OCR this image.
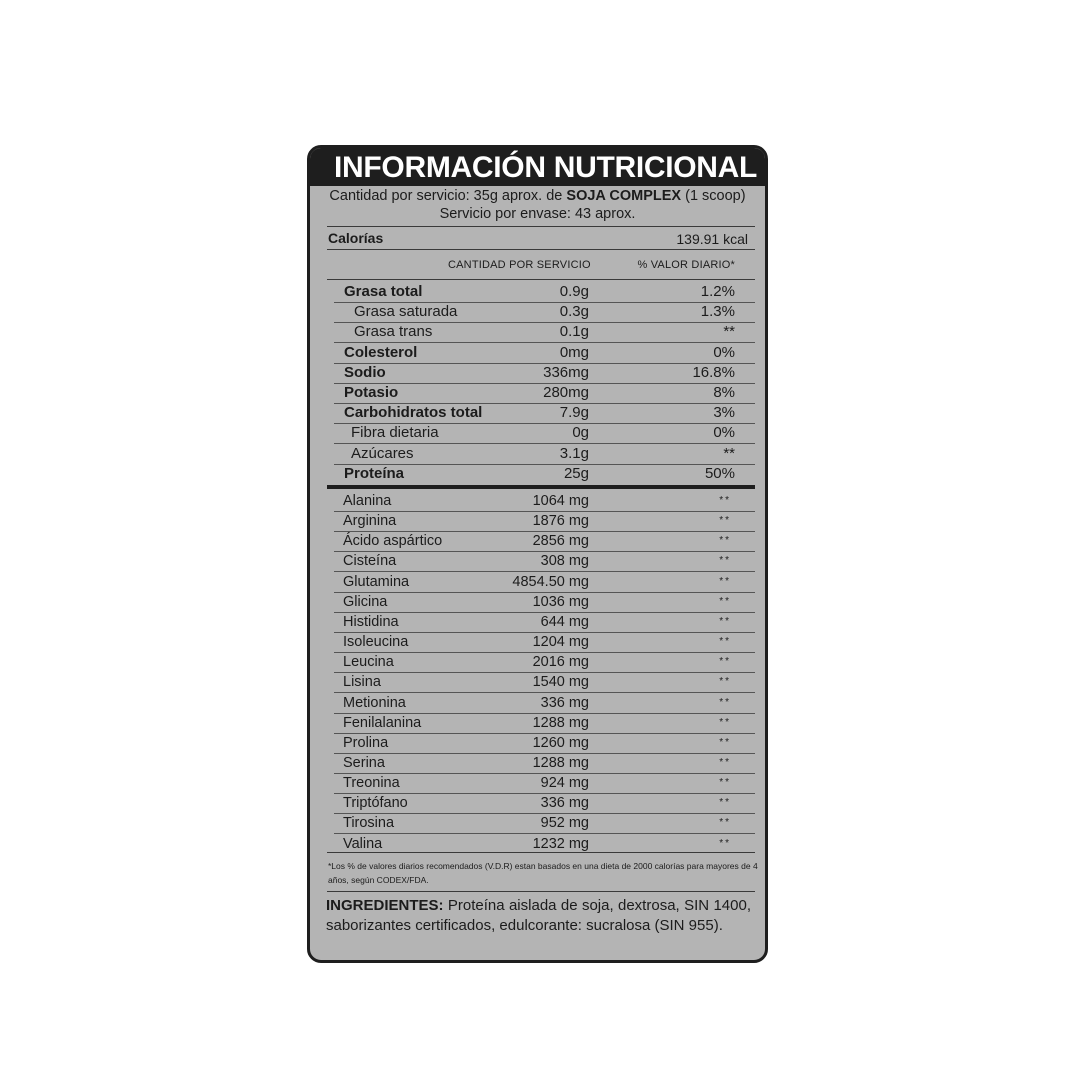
INFORMACIÓN NUTRICIONAL
Cantidad por servicio: 35g aprox. de SOJA COMPLEX (1 scoop)
Servicio por envase: 43 aprox.
Calorías	139.91 kcal
CANTIDAD POR SERVICIO	% VALOR DIARIO*
Grasa total	0.9g	1.2%
Grasa saturada	0.3g	1.3%
Grasa trans	0.1g	**
Colesterol	0mg	0%
Sodio	336mg	16.8%
Potasio	280mg	8%
Carbohidratos total	7.9g	3%
Fibra dietaria	0g	0%
Azúcares	3.1g	**
Proteína	25g	50%
Alanina	1064 mg	**
Arginina	1876 mg	**
Ácido aspártico	2856 mg	**
Cisteína	308 mg	**
Glutamina	4854.50 mg	**
Glicina	1036 mg	**
Histidina	644 mg	**
Isoleucina	1204 mg	**
Leucina	2016 mg	**
Lisina	1540 mg	**
Metionina	336 mg	**
Fenilalanina	1288 mg	**
Prolina	1260 mg	**
Serina	1288 mg	**
Treonina	924 mg	**
Triptófano	336 mg	**
Tirosina	952 mg	**
Valina	1232 mg	**
*Los % de valores diarios recomendados (V.D.R) estan basados en una dieta de 2000 calorías para mayores de 4 años, según CODEX/FDA.
INGREDIENTES: Proteína aislada de soja, dextrosa, SIN 1400, saborizantes certificados, edulcorante: sucralosa (SIN 955).
